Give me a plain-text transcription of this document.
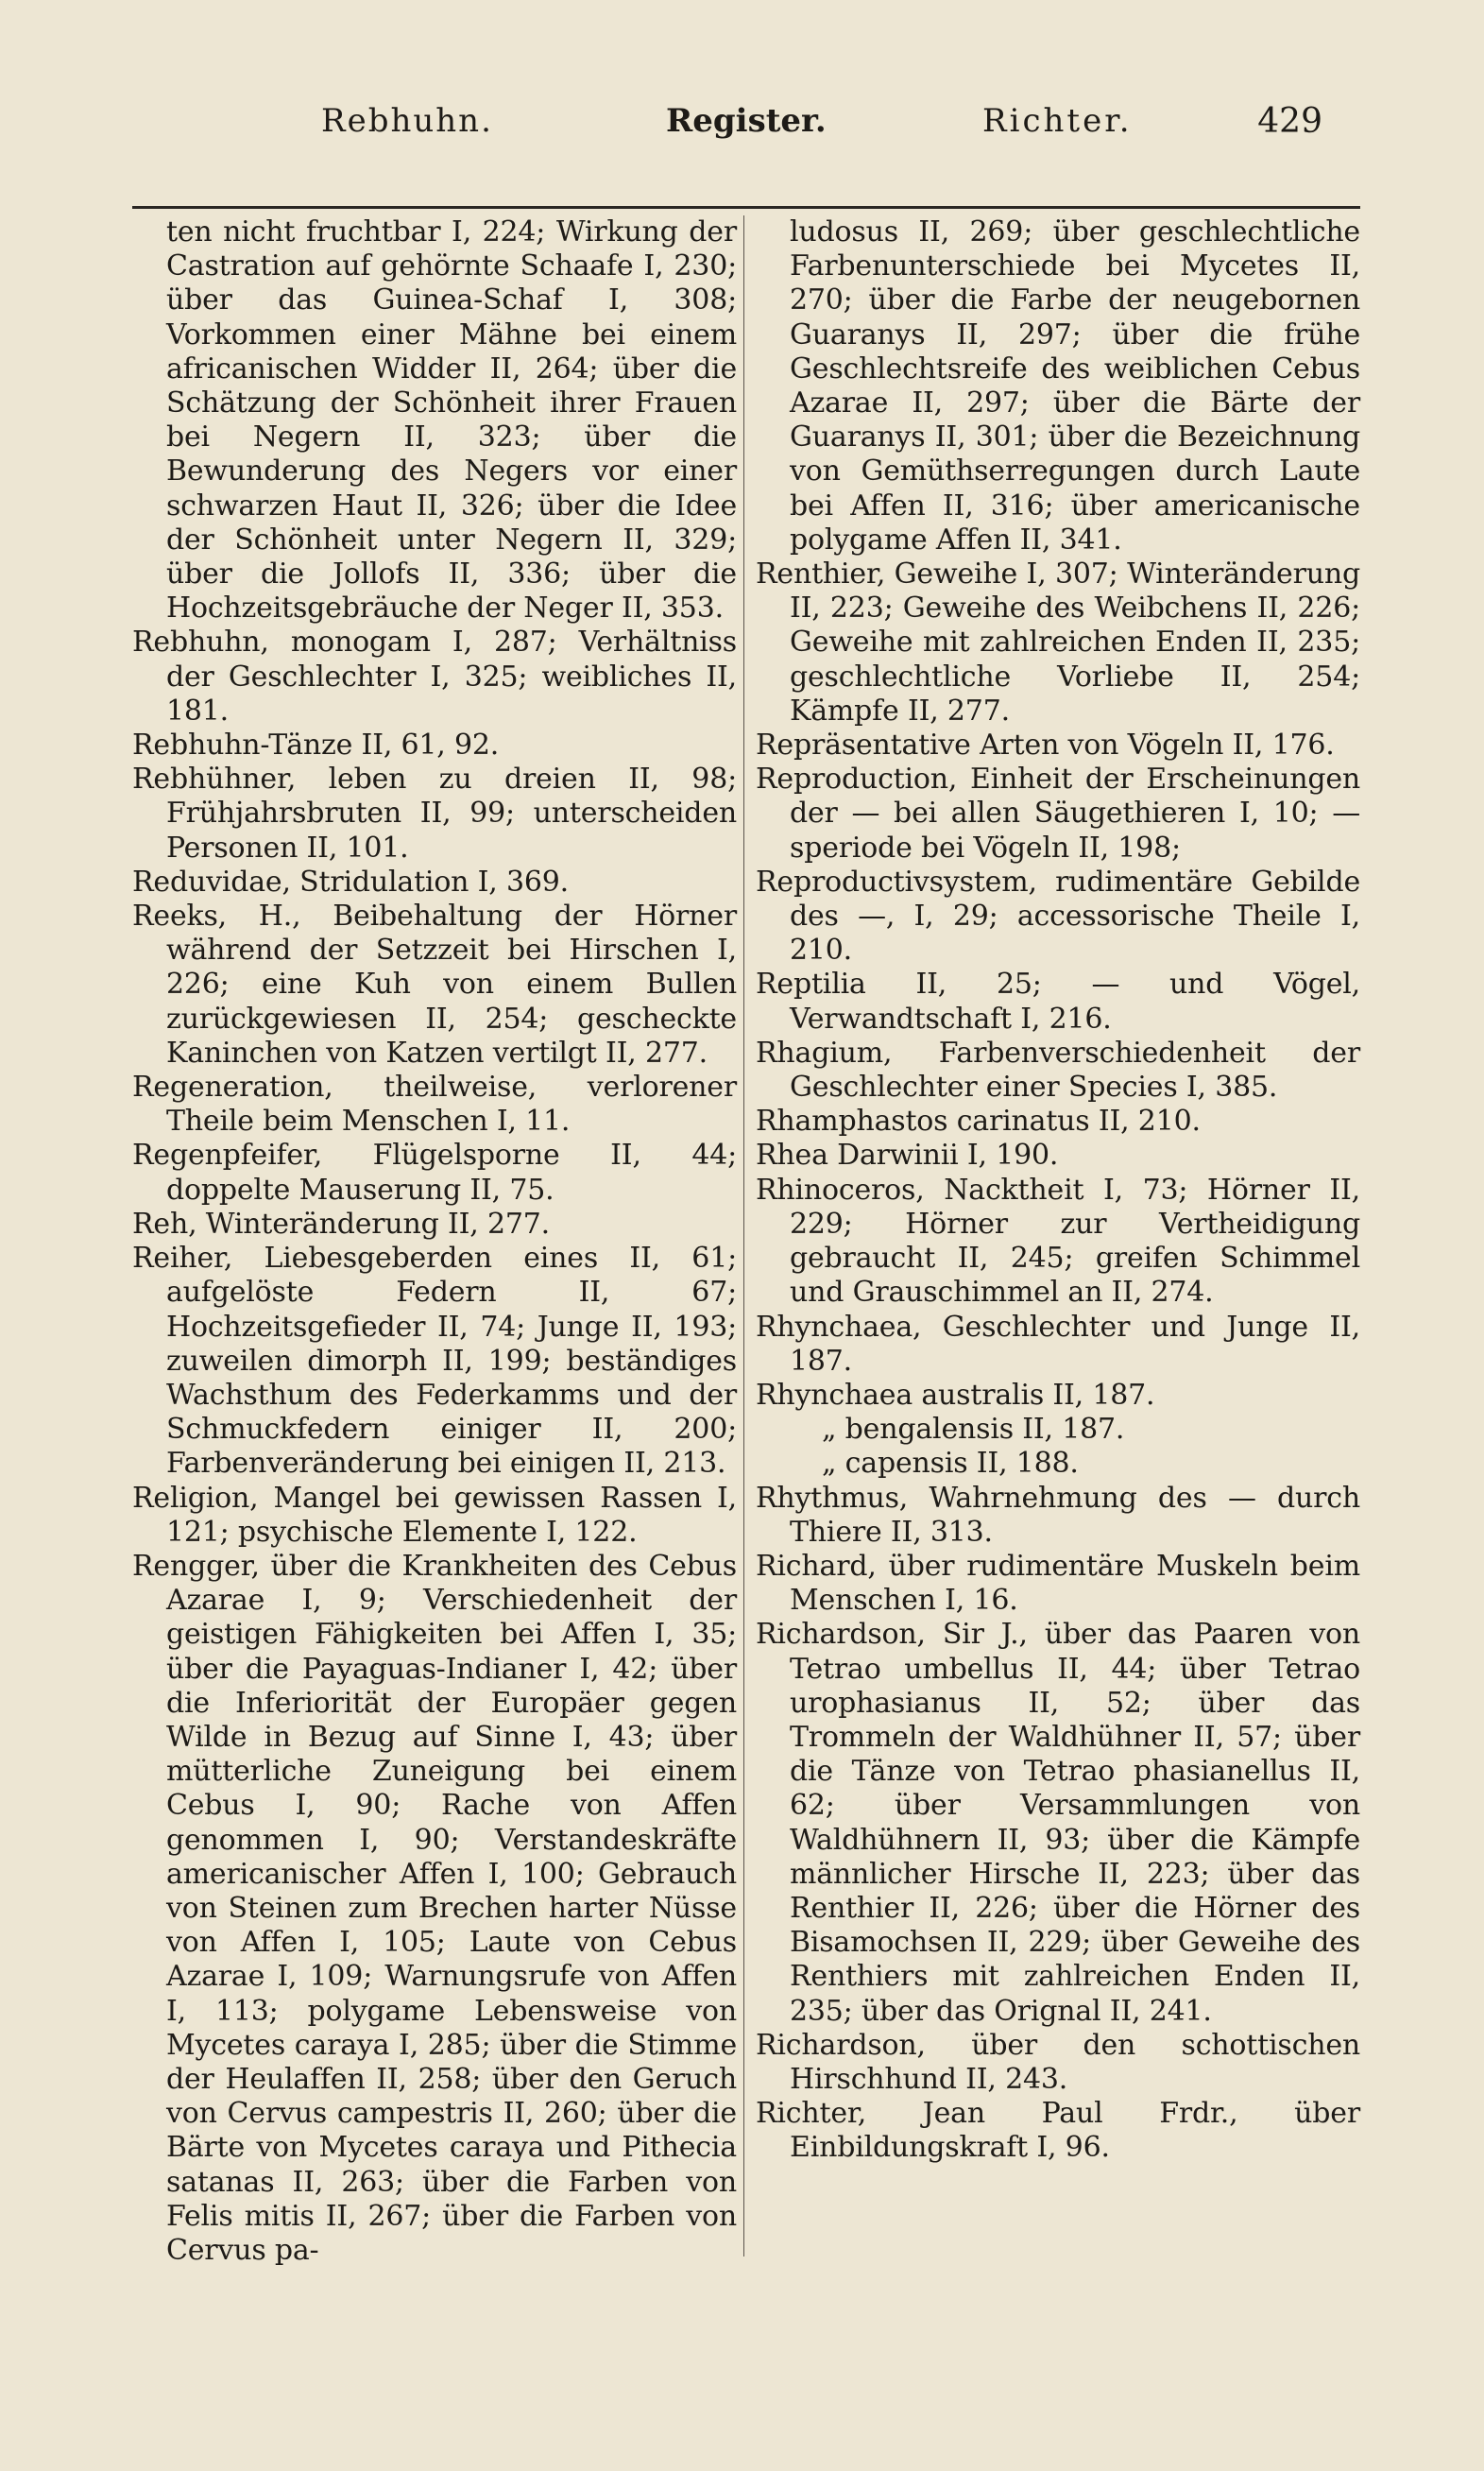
Rebhuhn.	Register.	Richter.	429

ten nicht fruchtbar I, 224; Wirkung der Castration auf gehörnte Schaafe I, 230; über das Guinea-Schaf I, 308; Vorkommen einer Mähne bei einem africanischen Widder II, 264; über die Schätzung der Schönheit ihrer Frauen bei Negern II, 323; über die Bewunderung des Negers vor einer schwarzen Haut II, 326; über die Idee der Schönheit unter Negern II, 329; über die Jollofs II, 336; über die Hochzeitsgebräuche der Neger II, 353.

Rebhuhn, monogam I, 287; Verhältniss der Geschlechter I, 325; weibliches II, 181.

Rebhuhn-Tänze II, 61, 92.

Rebhühner, leben zu dreien II, 98; Frühjahrsbruten II, 99; unterscheiden Personen II, 101.

Reduvidae, Stridulation I, 369.

Reeks, H., Beibehaltung der Hörner während der Setzzeit bei Hirschen I, 226; eine Kuh von einem Bullen zurückgewiesen II, 254; gescheckte Kaninchen von Katzen vertilgt II, 277.

Regeneration, theilweise, verlorener Theile beim Menschen I, 11.

Regenpfeifer, Flügelsporne II, 44; doppelte Mauserung II, 75.

Reh, Winteränderung II, 277.

Reiher, Liebesgeberden eines II, 61; aufgelöste Federn II, 67; Hochzeitsgefieder II, 74; Junge II, 193; zuweilen dimorph II, 199; beständiges Wachsthum des Federkamms und der Schmuckfedern einiger II, 200; Farbenveränderung bei einigen II, 213.

Religion, Mangel bei gewissen Rassen I, 121; psychische Elemente I, 122.

Rengger, über die Krankheiten des Cebus Azarae I, 9; Verschiedenheit der geistigen Fähigkeiten bei Affen I, 35; über die Payaguas-Indianer I, 42; über die Inferiorität der Europäer gegen Wilde in Bezug auf Sinne I, 43; über mütterliche Zuneigung bei einem Cebus I, 90; Rache von Affen genommen I, 90; Verstandeskräfte americanischer Affen I, 100; Gebrauch von Steinen zum Brechen harter Nüsse von Affen I, 105; Laute von Cebus Azarae I, 109; Warnungsrufe von Affen I, 113; polygame Lebensweise von Mycetes caraya I, 285; über die Stimme der Heulaffen II, 258; über den Geruch von Cervus campestris II, 260; über die Bärte von Mycetes caraya und Pithecia satanas II, 263; über die Farben von Felis mitis II, 267; über die Farben von Cervus pa-

ludosus II, 269; über geschlechtliche Farbenunterschiede bei Mycetes II, 270; über die Farbe der neugebornen Guaranys II, 297; über die frühe Geschlechtsreife des weiblichen Cebus Azarae II, 297; über die Bärte der Guaranys II, 301; über die Bezeichnung von Gemüthserregungen durch Laute bei Affen II, 316; über americanische polygame Affen II, 341.

Renthier, Geweihe I, 307; Winteränderung II, 223; Geweihe des Weibchens II, 226; Geweihe mit zahlreichen Enden II, 235; geschlechtliche Vorliebe II, 254; Kämpfe II, 277.

Repräsentative Arten von Vögeln II, 176.

Reproduction, Einheit der Erscheinungen der — bei allen Säugethieren I, 10; —speriode bei Vögeln II, 198;

Reproductivsystem, rudimentäre Gebilde des —, I, 29; accessorische Theile I, 210.

Reptilia II, 25; — und Vögel, Verwandtschaft I, 216.

Rhagium, Farbenverschiedenheit der Geschlechter einer Species I, 385.

Rhamphastos carinatus II, 210.

Rhea Darwinii I, 190.

Rhinoceros, Nacktheit I, 73; Hörner II, 229; Hörner zur Vertheidigung gebraucht II, 245; greifen Schimmel und Grauschimmel an II, 274.

Rhynchaea, Geschlechter und Junge II, 187.

Rhynchaea australis II, 187.

„ bengalensis II, 187.

„ capensis II, 188.

Rhythmus, Wahrnehmung des — durch Thiere II, 313.

Richard, über rudimentäre Muskeln beim Menschen I, 16.

Richardson, Sir J., über das Paaren von Tetrao umbellus II, 44; über Tetrao urophasianus II, 52; über das Trommeln der Waldhühner II, 57; über die Tänze von Tetrao phasianellus II, 62; über Versammlungen von Waldhühnern II, 93; über die Kämpfe männlicher Hirsche II, 223; über das Renthier II, 226; über die Hörner des Bisamochsen II, 229; über Geweihe des Renthiers mit zahlreichen Enden II, 235; über das Orignal II, 241.

Richardson, über den schottischen Hirschhund II, 243.

Richter, Jean Paul Frdr., über Einbildungskraft I, 96.
